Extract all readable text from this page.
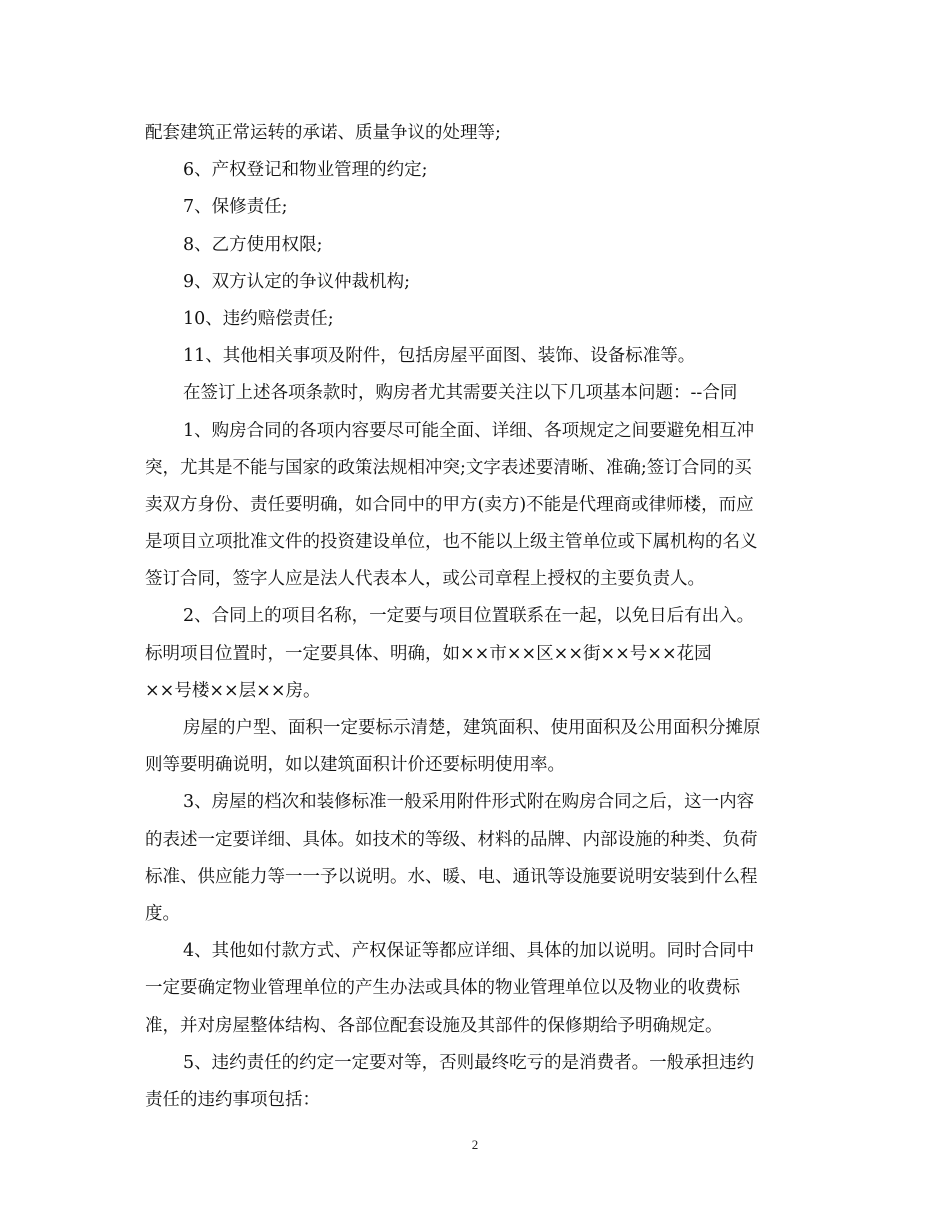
配套建筑正常运转的承诺、质量争议的处理等;
6、产权登记和物业管理的约定;
7、保修责任;
8、乙方使用权限;
9、双方认定的争议仲裁机构;
10、违约赔偿责任;
11、其他相关事项及附件，包括房屋平面图、装饰、设备标准等。
在签订上述各项条款时，购房者尤其需要关注以下几项基本问题：--合同
1、购房合同的各项内容要尽可能全面、详细、各项规定之间要避免相互冲
突，尤其是不能与国家的政策法规相冲突;文字表述要清晰、准确;签订合同的买
卖双方身份、责任要明确，如合同中的甲方(卖方)不能是代理商或律师楼，而应
是项目立项批准文件的投资建设单位，也不能以上级主管单位或下属机构的名义
签订合同，签字人应是法人代表本人，或公司章程上授权的主要负责人。
2、合同上的项目名称，一定要与项目位置联系在一起，以免日后有出入。
标明项目位置时，一定要具体、明确，如××市××区××街××号××花园
××号楼××层××房。
房屋的户型、面积一定要标示清楚，建筑面积、使用面积及公用面积分摊原
则等要明确说明，如以建筑面积计价还要标明使用率。
3、房屋的档次和装修标准一般采用附件形式附在购房合同之后，这一内容
的表述一定要详细、具体。如技术的等级、材料的品牌、内部设施的种类、负荷
标准、供应能力等一一予以说明。水、暖、电、通讯等设施要说明安装到什么程
度。
4、其他如付款方式、产权保证等都应详细、具体的加以说明。同时合同中
一定要确定物业管理单位的产生办法或具体的物业管理单位以及物业的收费标
准，并对房屋整体结构、各部位配套设施及其部件的保修期给予明确规定。
5、违约责任的约定一定要对等，否则最终吃亏的是消费者。一般承担违约
责任的违约事项包括：
2
